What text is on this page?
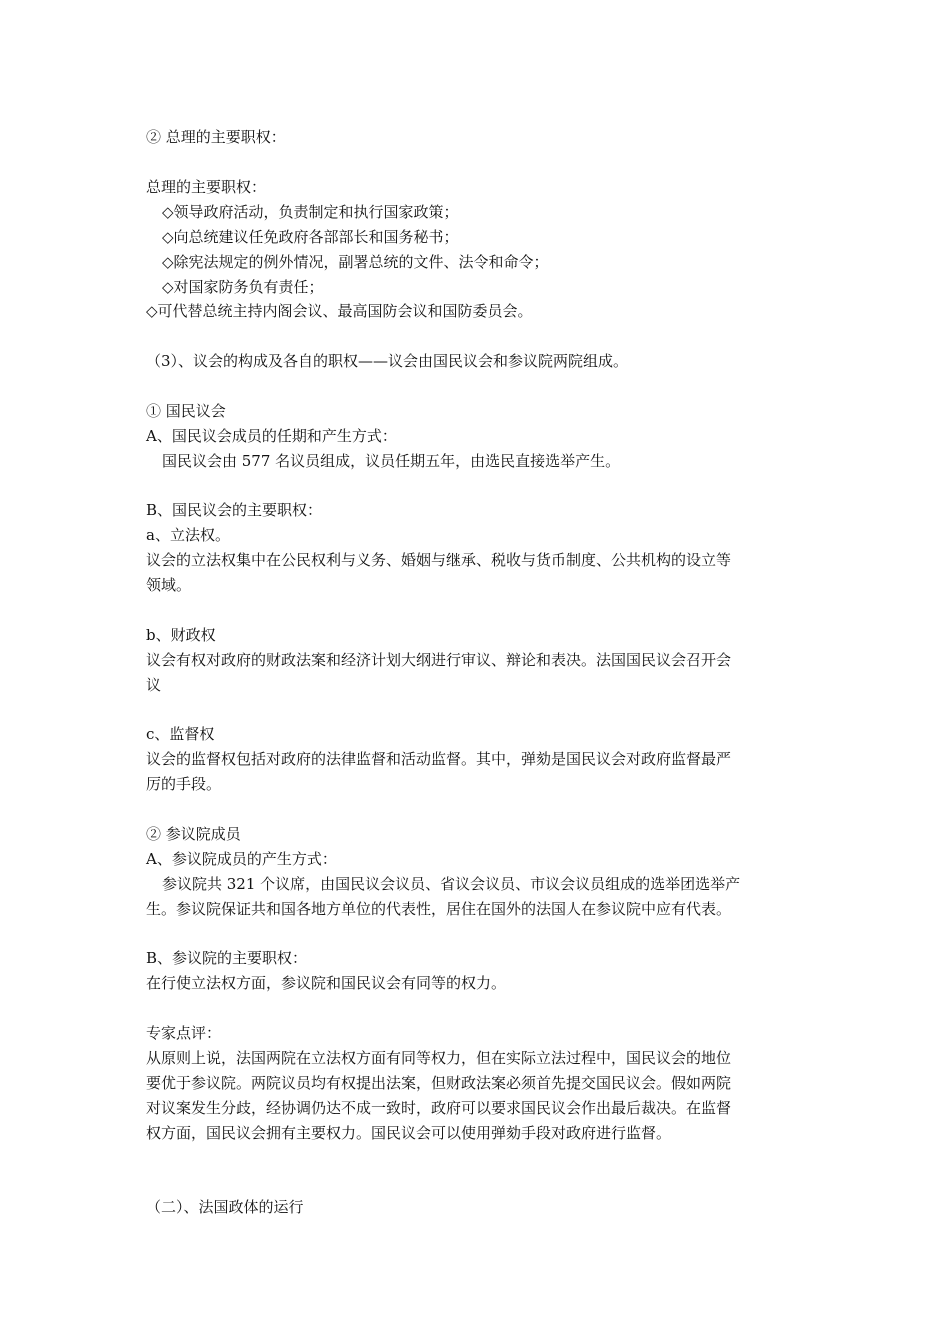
② 总理的主要职权：
总理的主要职权：
◇领导政府活动，负责制定和执行国家政策；
◇向总统建议任免政府各部部长和国务秘书；
◇除宪法规定的例外情况，副署总统的文件、法令和命令；
◇对国家防务负有责任；
◇可代替总统主持内阁会议、最高国防会议和国防委员会。
（3）、议会的构成及各自的职权——议会由国民议会和参议院两院组成。
① 国民议会
A、国民议会成员的任期和产生方式：
国民议会由 577 名议员组成，议员任期五年，由选民直接选举产生。
B、国民议会的主要职权：
a、立法权。
议会的立法权集中在公民权利与义务、婚姻与继承、税收与货币制度、公共机构的设立等
领域。
b、财政权
议会有权对政府的财政法案和经济计划大纲进行审议、辩论和表决。法国国民议会召开会
议
c、监督权
议会的监督权包括对政府的法律监督和活动监督。其中，弹劾是国民议会对政府监督最严
厉的手段。
② 参议院成员
A、参议院成员的产生方式：
参议院共 321 个议席，由国民议会议员、省议会议员、市议会议员组成的选举团选举产
生。参议院保证共和国各地方单位的代表性，居住在国外的法国人在参议院中应有代表。
B、参议院的主要职权：
在行使立法权方面，参议院和国民议会有同等的权力。
专家点评：
从原则上说，法国两院在立法权方面有同等权力，但在实际立法过程中，国民议会的地位
要优于参议院。两院议员均有权提出法案，但财政法案必须首先提交国民议会。假如两院
对议案发生分歧，经协调仍达不成一致时，政府可以要求国民议会作出最后裁决。在监督
权方面，国民议会拥有主要权力。国民议会可以使用弹劾手段对政府进行监督。
（二）、法国政体的运行
